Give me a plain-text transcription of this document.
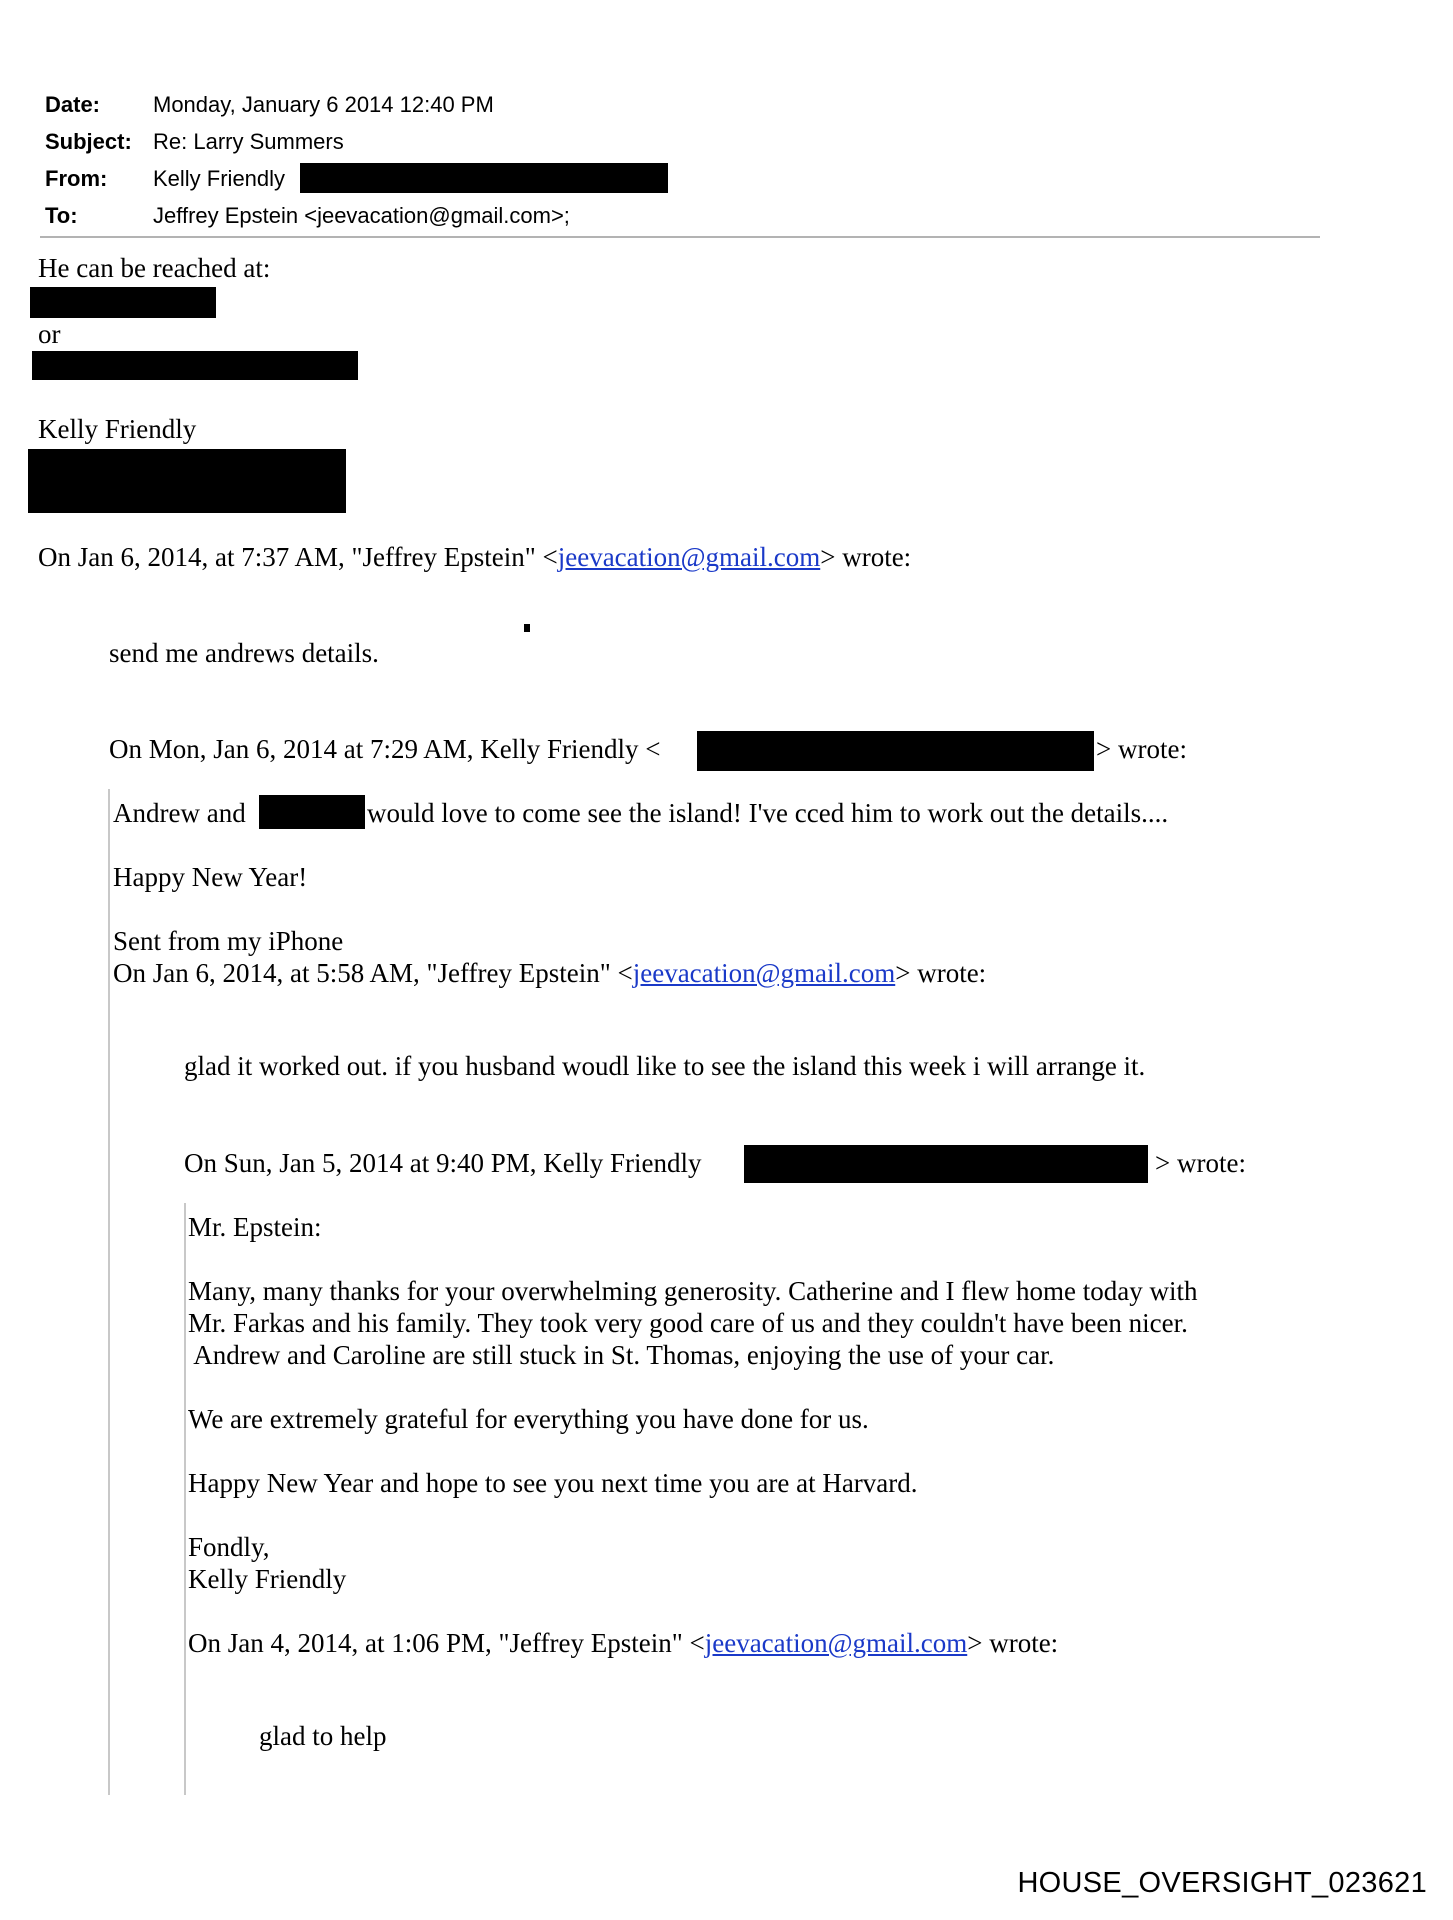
Date: Monday, January 6 2014 12:40 PM
Subject: Re: Larry Summers
From: Kelly Friendly
To:	Jeffrey Epstein <jeevacation@gmail.com>;
He can be reached at:
or
Kelly Friendly
On Jan 6, 2014, at 7:37 AM, "Jeffrey Epstein" <jeevacation@gmail.com> wrote:
send me andrews details.
On Mon, Jan 6, 2014 at 7:29 AM, Kelly Friendly <	> wrote:
Andrew and	would love to come see the island! I've cced him to work out the details....
Happy New Year!
Sent from my iPhone
On Jan 6, 2014, at 5:58 AM, "Jeffrey Epstein" <jeevacation@gmail.com> wrote:
glad it worked out. if you husband woudl like to see the island this week i will arrange it.
On Sun, Jan 5, 2014 at 9:40 PM, Kelly Friendly	> wrote:
Mr. Epstein:
Many, many thanks for your overwhelming generosity. Catherine and I flew home today with
Mr. Farkas and his family. They took very good care of us and they couldn't have been nicer.
Andrew and Caroline are still stuck in St. Thomas, enjoying the use of your car.
We are extremely grateful for everything you have done for us.
Happy New Year and hope to see you next time you are at Harvard.
Fondly,
Kelly Friendly
On Jan 4, 2014, at 1:06 PM, "Jeffrey Epstein" <jeevacation@gmail.com> wrote:
glad to help
HOUSE_OVERSIGHT_023621
